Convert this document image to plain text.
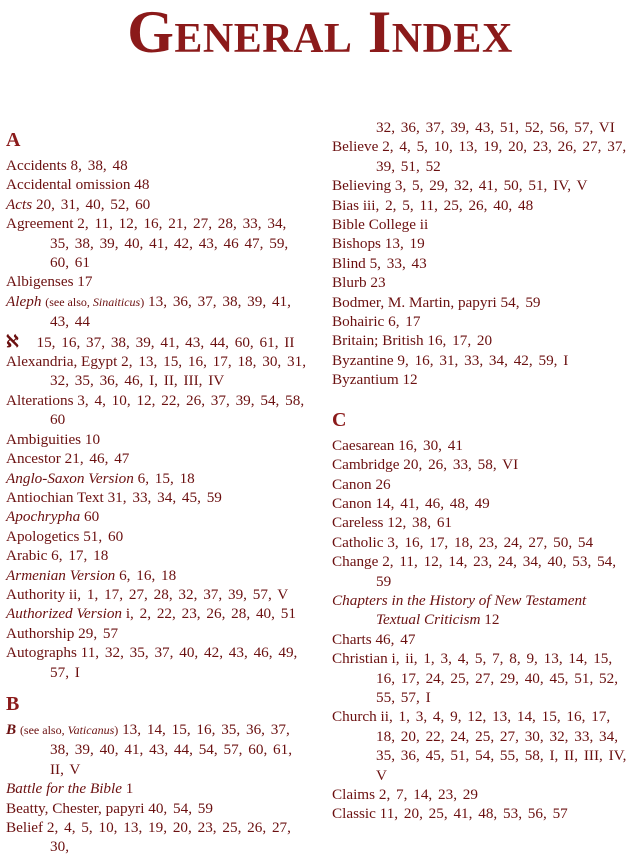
General Index
A

Accidents 8, 38, 48

Accidental omission 48

Acts 20, 31, 40, 52, 60

Agreement 2, 11, 12, 16, 21, 27, 28, 33, 34, 35, 38, 39, 40, 41, 42, 43, 46 47, 59, 60, 61

Albigenses 17

Aleph (see also, Sinaiticus) 13, 36, 37, 38, 39, 41, 43, 44

ℵ 15, 16, 37, 38, 39, 41, 43, 44, 60, 61, II

Alexandria, Egypt 2, 13, 15, 16, 17, 18, 30, 31, 32, 35, 36, 46, I, II, III, IV

Alterations 3, 4, 10, 12, 22, 26, 37, 39, 54, 58, 60

Ambiguities 10

Ancestor 21, 46, 47

Anglo-Saxon Version 6, 15, 18

Antiochian Text 31, 33, 34, 45, 59

Apochrypha 60

Apologetics 51, 60

Arabic 6, 17, 18

Armenian Version 6, 16, 18

Authority ii, 1, 17, 27, 28, 32, 37, 39, 57, V

Authorized Version i, 2, 22, 23, 26, 28, 40, 51

Authorship 29, 57

Autographs 11, 32, 35, 37, 40, 42, 43, 46, 49, 57, I

B

B (see also, Vaticanus) 13, 14, 15, 16, 35, 36, 37, 38, 39, 40, 41, 43, 44, 54, 57, 60, 61, II, V

Battle for the Bible 1

Beatty, Chester, papyri 40, 54, 59

Belief 2, 4, 5, 10, 13, 19, 20, 23, 25, 26, 27, 30,

32, 36, 37, 39, 43, 51, 52, 56, 57, VI

Believe 2, 4, 5, 10, 13, 19, 20, 23, 26, 27, 37, 39, 51, 52

Believing 3, 5, 29, 32, 41, 50, 51, IV, V

Bias iii, 2, 5, 11, 25, 26, 40, 48

Bible College ii

Bishops 13, 19

Blind 5, 33, 43

Blurb 23

Bodmer, M. Martin, papyri 54, 59

Bohairic 6, 17

Britain; British 16, 17, 20

Byzantine 9, 16, 31, 33, 34, 42, 59, I

Byzantium 12

C

Caesarean 16, 30, 41

Cambridge 20, 26, 33, 58, VI

Canon 26

Canon 14, 41, 46, 48, 49

Careless 12, 38, 61

Catholic 3, 16, 17, 18, 23, 24, 27, 50, 54

Change 2, 11, 12, 14, 23, 24, 34, 40, 53, 54, 59

Chapters in the History of New Testament Textual Criticism 12

Charts 46, 47

Christian i, ii, 1, 3, 4, 5, 7, 8, 9, 13, 14, 15, 16, 17, 24, 25, 27, 29, 40, 45, 51, 52, 55, 57, I

Church ii, 1, 3, 4, 9, 12, 13, 14, 15, 16, 17, 18, 20, 22, 24, 25, 27, 30, 32, 33, 34, 35, 36, 45, 51, 54, 55, 58, I, II, III, IV, V

Claims 2, 7, 14, 23, 29

Classic 11, 20, 25, 41, 48, 53, 56, 57
